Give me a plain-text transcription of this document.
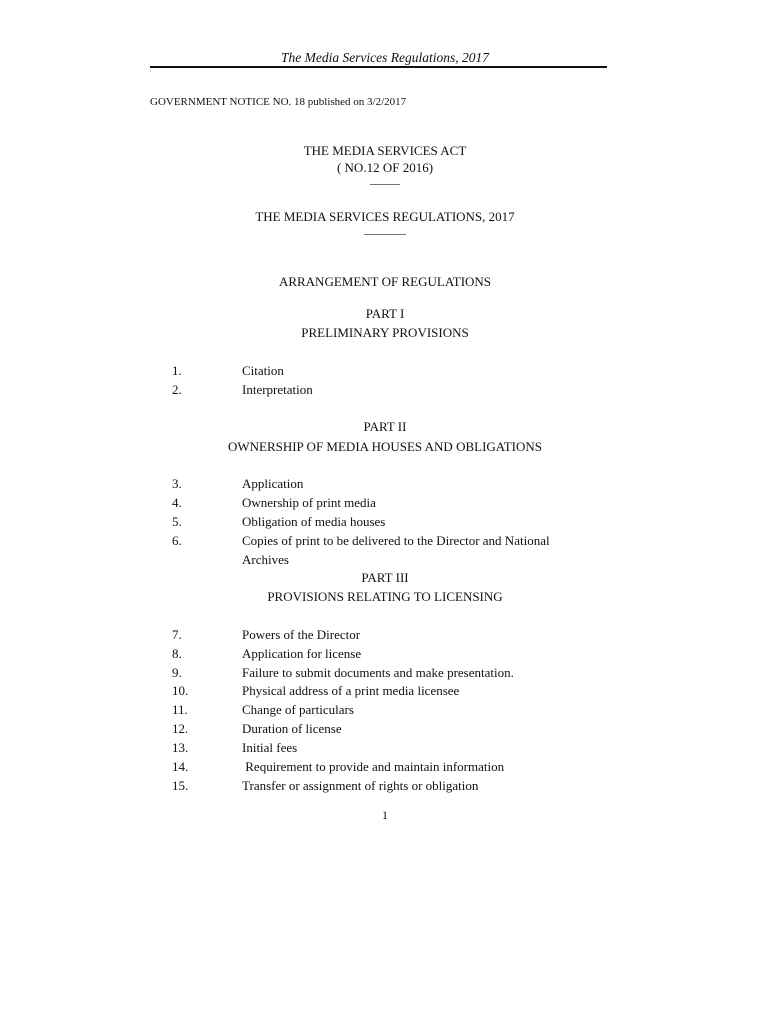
The Media Services Regulations, 2017
'
GOVERNMENT NOTICE NO. 18 published on 3/2/2017
THE MEDIA SERVICES ACT
( NO.12 OF 2016)
_____
THE MEDIA SERVICES REGULATIONS, 2017
_______
ARRANGEMENT OF REGULATIONS
PART I
PRELIMINARY PROVISIONS
1.	Citation
2.	Interpretation
PART II
OWNERSHIP OF MEDIA HOUSES AND OBLIGATIONS
3.	Application
4.	Ownership of print media
5.	Obligation of media houses
6.	Copies of print to be delivered to the Director and National
Archives
PART III
PROVISIONS RELATING TO LICENSING
7.	Powers of the Director
8.	Application for license
9.	Failure to submit documents and make presentation.
10.	Physical address of a print media licensee
11.	Change of particulars
12.	Duration of license
13.	Initial fees
14.	Requirement to provide and maintain information
15.	Transfer or assignment of rights or obligation
1
